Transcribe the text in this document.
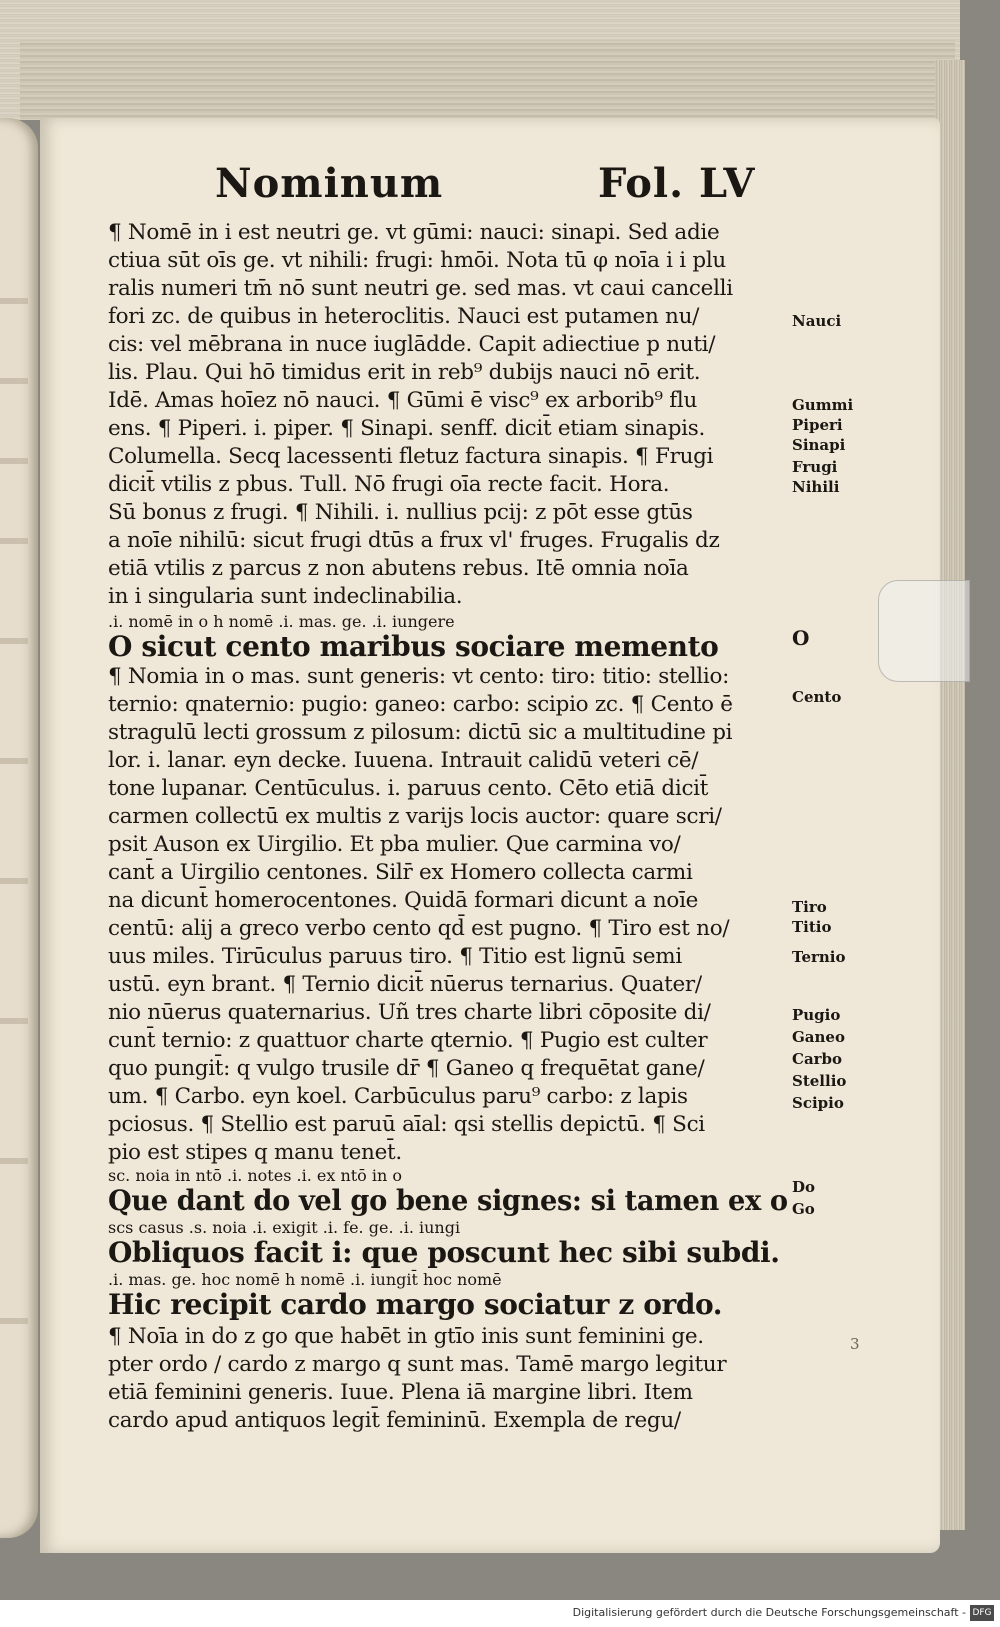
Nominum	Fol. LV
¶ Nomē in i est neutri ge. vt gūmi: nauci: sinapi. Sed adie
ctiua sūt oīs ge. vt nihili: frugi: hmōi. Nota tū φ noīa i i plu
ralis numeri tm̄ nō sunt neutri ge. sed mas. vt caui cancelli
fori zc. de quibus in heteroclitis. Nauci est putamen nu/
cis: vel mēbrana in nuce iuglādde. Capit adiectiue p nuti/
lis. Plau. Qui hō timidus erit in reb⁹ dubijs nauci nō erit.
Idē. Amas hoīez nō nauci. ¶ Gūmi ē visc⁹ ex arborib⁹ flu
ens. ¶ Piperi. i. piper. ¶ Sinapi. senff. dicit̄ etiam sinapis.
Columella. Secq lacessenti fletuz factura sinapis. ¶ Frugi
dicit̄ vtilis z pbus. Tull. Nō frugi oīa recte facit. Hora.
Sū bonus z frugi. ¶ Nihili. i. nullius pcij: z pōt esse gtūs
a noīe nihilū: sicut frugi dtūs a frux vl' fruges. Frugalis dz
etiā vtilis z parcus z non abutens rebus. Itē omnia noīa
in i singularia sunt indeclinabilia.
.i. nomē in o h nomē .i. mas. ge. .i. iungere
O sicut cento maribus sociare memento
¶ Nomia in o mas. sunt generis: vt cento: tiro: titio: stellio:
ternio: qnaternio: pugio: ganeo: carbo: scipio zc. ¶ Cento ē
stragulū lecti grossum z pilosum: dictū sic a multitudine pi
lor. i. lanar. eyn decke. Iuuena. Intrauit calidū veteri cē/
tone lupanar. Centūculus. i. paruus cento. Cēto etiā dicit̄
carmen collectū ex multis z varijs locis auctor: quare scri/
psit Auson ex Uirgilio. Et pba mulier. Que carmina vo/
cant̄ a Uirgilio centones. Silr̄ ex Homero collecta carmi
na dicunt̄ homerocentones. Quidā formari dicunt a noīe
centū: alij a greco verbo cento qd̄ est pugno. ¶ Tiro est no/
uus miles. Tirūculus paruus tiro. ¶ Titio est lignū semi
ustū. eyn brant. ¶ Ternio dicit̄ nūerus ternarius. Quater/
nio nūerus quaternarius. Uñ tres charte libri cōposite di/
cunt̄ ternio: z quattuor charte qternio. ¶ Pugio est culter
quo pungit̄: q vulgo trusile dr̄ ¶ Ganeo q frequētat gane/
um. ¶ Carbo. eyn koel. Carbūculus paru⁹ carbo: z lapis
pciosus. ¶ Stellio est paruū aīal: qsi stellis depictū. ¶ Sci
pio est stipes q manu tenet̄.
sc. noia in ntō .i. notes .i. ex ntō in o
Que dant do vel go bene signes: si tamen ex o
scs casus .s. noia .i. exigit .i. fe. ge. .i. iungi
Obliquos facit i: que poscunt hec sibi subdi.
.i. mas. ge. hoc nomē h nomē .i. iungit̄ hoc nomē
Hic recipit cardo margo sociatur z ordo.
¶ Noīa in do z go que habēt in gtīo inis sunt feminini ge.
pter ordo / cardo z margo q sunt mas. Tamē margo legitur
etiā feminini generis. Iuue. Plena iā margine libri. Item
cardo apud antiquos legit̄ femininū. Exempla de regu/
Nauci
Gummi
Piperi
Sinapi
Frugi
Nihili
O
Cento
Tiro
Titio
Ternio
Pugio
Ganeo
Carbo
Stellio
Scipio
Do
Go
3
Digitalisierung gefördert durch die Deutsche Forschungsgemeinschaft - DFG
